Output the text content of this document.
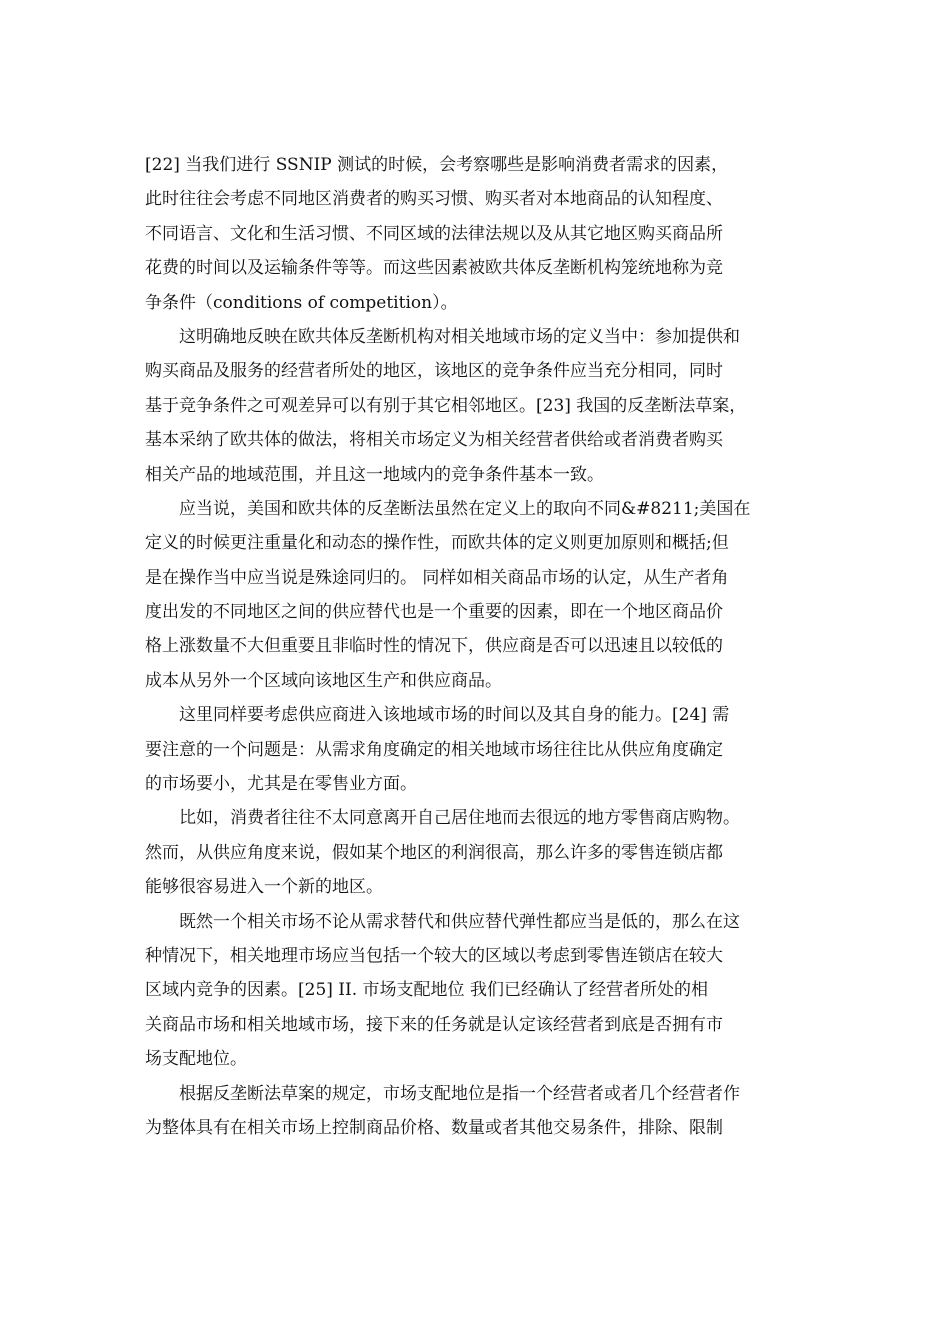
[22] 当我们进行 SSNIP 测试的时候，会考察哪些是影响消费者需求的因素，
此时往往会考虑不同地区消费者的购买习惯、购买者对本地商品的认知程度、
不同语言、文化和生活习惯、不同区域的法律法规以及从其它地区购买商品所
花费的时间以及运输条件等等。而这些因素被欧共体反垄断机构笼统地称为竞
争条件（conditions of competition）。
这明确地反映在欧共体反垄断机构对相关地域市场的定义当中：参加提供和
购买商品及服务的经营者所处的地区，该地区的竞争条件应当充分相同，同时
基于竞争条件之可观差异可以有别于其它相邻地区。[23] 我国的反垄断法草案，
基本采纳了欧共体的做法，将相关市场定义为相关经营者供给或者消费者购买
相关产品的地域范围，并且这一地域内的竞争条件基本一致。
应当说，美国和欧共体的反垄断法虽然在定义上的取向不同&#8211;美国在
定义的时候更注重量化和动态的操作性，而欧共体的定义则更加原则和概括;但
是在操作当中应当说是殊途同归的。 同样如相关商品市场的认定，从生产者角
度出发的不同地区之间的供应替代也是一个重要的因素，即在一个地区商品价
格上涨数量不大但重要且非临时性的情况下，供应商是否可以迅速且以较低的
成本从另外一个区域向该地区生产和供应商品。
这里同样要考虑供应商进入该地域市场的时间以及其自身的能力。[24] 需
要注意的一个问题是：从需求角度确定的相关地域市场往往比从供应角度确定
的市场要小，尤其是在零售业方面。
比如，消费者往往不太同意离开自己居住地而去很远的地方零售商店购物。
然而，从供应角度来说，假如某个地区的利润很高，那么许多的零售连锁店都
能够很容易进入一个新的地区。
既然一个相关市场不论从需求替代和供应替代弹性都应当是低的，那么在这
种情况下，相关地理市场应当包括一个较大的区域以考虑到零售连锁店在较大
区域内竞争的因素。[25] II. 市场支配地位 我们已经确认了经营者所处的相
关商品市场和相关地域市场，接下来的任务就是认定该经营者到底是否拥有市
场支配地位。
根据反垄断法草案的规定，市场支配地位是指一个经营者或者几个经营者作
为整体具有在相关市场上控制商品价格、数量或者其他交易条件，排除、限制
